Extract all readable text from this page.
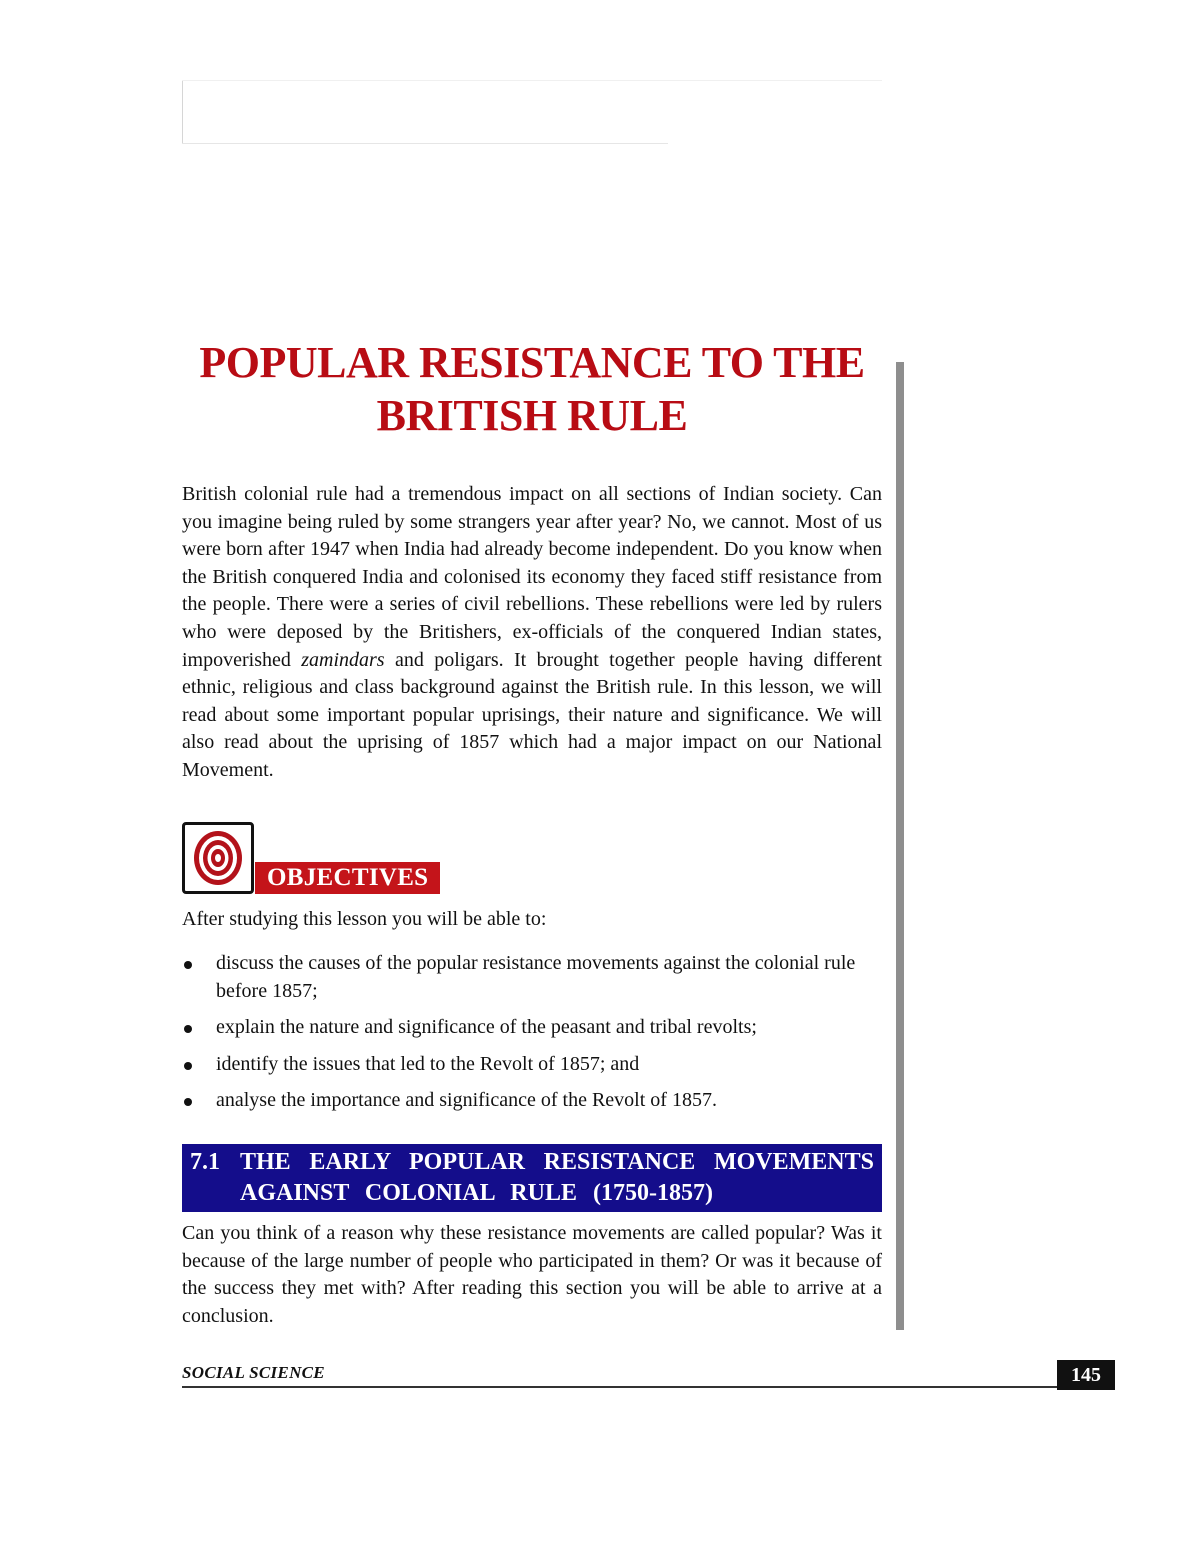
POPULAR RESISTANCE TO THE
BRITISH RULE

British colonial rule had a tremendous impact on all sections of Indian society. Can you imagine being ruled by some strangers year after year? No, we cannot. Most of us were born after 1947 when India had already become independent. Do you know when the British conquered India and colonised its economy they faced stiff resistance from the people. There were a series of civil rebellions. These rebellions were led by rulers who were deposed by the Britishers, ex-officials of the conquered Indian states, impoverished zamindars and poligars. It brought together people having different ethnic, religious and class background against the British rule. In this lesson, we will read about some important popular uprisings, their nature and significance. We will also read about the uprising of 1857 which had a major impact on our National Movement.

OBJECTIVES

After studying this lesson you will be able to:

discuss the causes of the popular resistance movements against the colonial rule before 1857;
explain the nature and significance of the peasant and tribal revolts;
identify the issues that led to the Revolt of 1857; and
analyse the importance and significance of the Revolt of 1857.
7.1 THE EARLY POPULAR RESISTANCE MOVEMENTS
AGAINST COLONIAL RULE (1750-1857)

Can you think of a reason why these resistance movements are called popular? Was it because of the large number of people who participated in them? Or was it because of the success they met with? After reading this section you will be able to arrive at a conclusion.

SOCIAL SCIENCE	145
